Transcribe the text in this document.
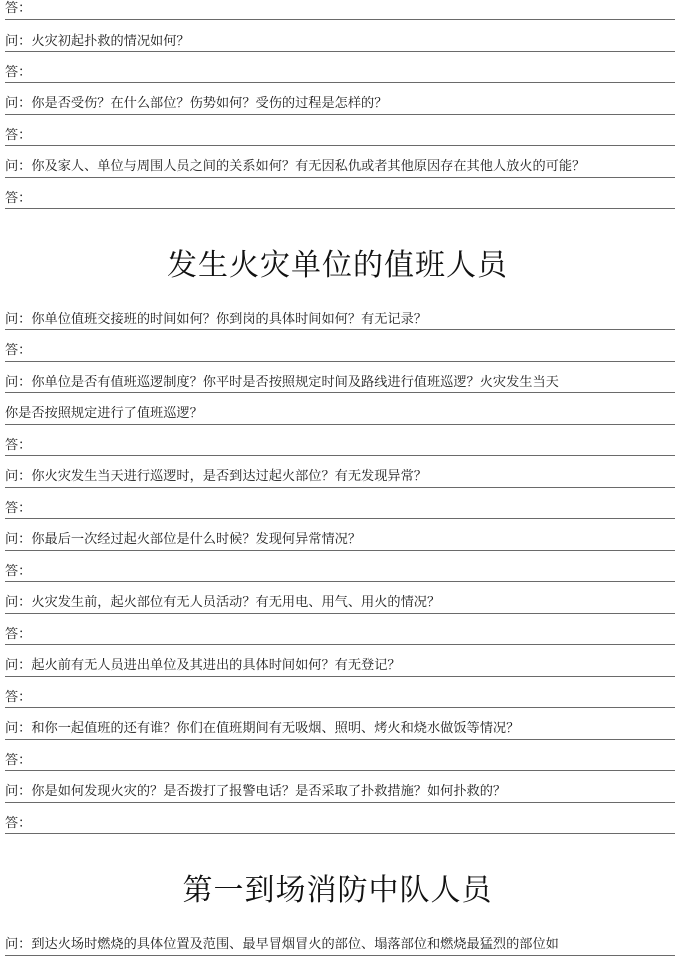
答：
问：火灾初起扑救的情况如何？
答：
问：你是否受伤？在什么部位？伤势如何？受伤的过程是怎样的？
答：
问：你及家人、单位与周围人员之间的关系如何？有无因私仇或者其他原因存在其他人放火的可能？
答：
发生火灾单位的值班人员
问：你单位值班交接班的时间如何？你到岗的具体时间如何？有无记录？
答：
问：你单位是否有值班巡逻制度？你平时是否按照规定时间及路线进行值班巡逻？火灾发生当天
你是否按照规定进行了值班巡逻？
答：
问：你火灾发生当天进行巡逻时，是否到达过起火部位？有无发现异常？
答：
问：你最后一次经过起火部位是什么时候？发现何异常情况？
答：
问：火灾发生前，起火部位有无人员活动？有无用电、用气、用火的情况？
答：
问：起火前有无人员进出单位及其进出的具体时间如何？有无登记？
答：
问：和你一起值班的还有谁？你们在值班期间有无吸烟、照明、烤火和烧水做饭等情况？
答：
问：你是如何发现火灾的？是否拨打了报警电话？是否采取了扑救措施？如何扑救的？
答：
第一到场消防中队人员
问：到达火场时燃烧的具体位置及范围、最早冒烟冒火的部位、塌落部位和燃烧最猛烈的部位如
